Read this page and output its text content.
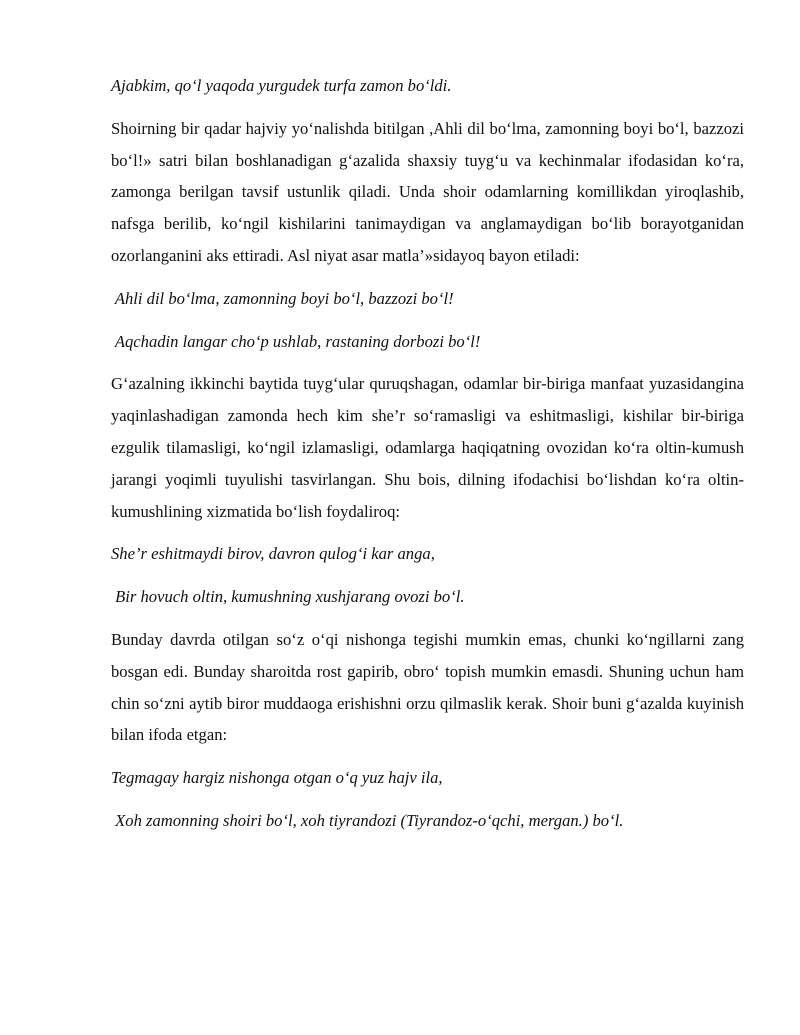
Ajabkim, qo‘l yaqoda yurgudek turfa zamon bo‘ldi.

Shoirning bir qadar hajviy yo‘nalishda bitilgan ,Ahli dil bo‘lma, zamonning boyi bo‘l, bazzozi bo‘l!» satri bilan boshlanadigan g‘azalida shaxsiy tuyg‘u va kechinmalar ifodasidan ko‘ra, zamonga berilgan tavsif ustunlik qiladi. Unda shoir odamlarning komillikdan yiroqlashib, nafsga berilib, ko‘ngil kishilarini tanimaydigan va anglamaydigan bo‘lib borayotganidan ozorlanganini aks ettiradi. Asl niyat asar matla’»sidayoq bayon etiladi:

Ahli dil bo‘lma, zamonning boyi bo‘l, bazzozi bo‘l!

Aqchadin langar cho‘p ushlab, rastaning dorbozi bo‘l!

G‘azalning ikkinchi baytida tuyg‘ular quruqshagan, odamlar bir-biriga manfaat yuzasidangina yaqinlashadigan zamonda hech kim she’r so‘ramasligi va eshitmasligi, kishilar bir-biriga ezgulik tilamasligi, ko‘ngil izlamasligi, odamlarga haqiqatning ovozidan ko‘ra oltin-kumush jarangi yoqimli tuyulishi tasvirlangan. Shu bois, dilning ifodachisi bo‘lishdan ko‘ra oltin-kumushlining xizmatida bo‘lish foydaliroq:

She’r eshitmaydi birov, davron qulog‘i kar anga,

Bir hovuch oltin, kumushning xushjarang ovozi bo‘l.

Bunday davrda otilgan so‘z o‘qi nishonga tegishi mumkin emas, chunki ko‘ngillarni zang bosgan edi. Bunday sharoitda rost gapirib, obro‘ topish mumkin emasdi. Shuning uchun ham chin so‘zni aytib biror muddaoga erishishni orzu qilmaslik kerak. Shoir buni g‘azalda kuyinish bilan ifoda etgan:

Tegmagay hargiz nishonga otgan o‘q yuz hajv ila,

Xoh zamonning shoiri bo‘l, xoh tiyrandozi (Tiyrandoz-o‘qchi, mergan.) bo‘l.
